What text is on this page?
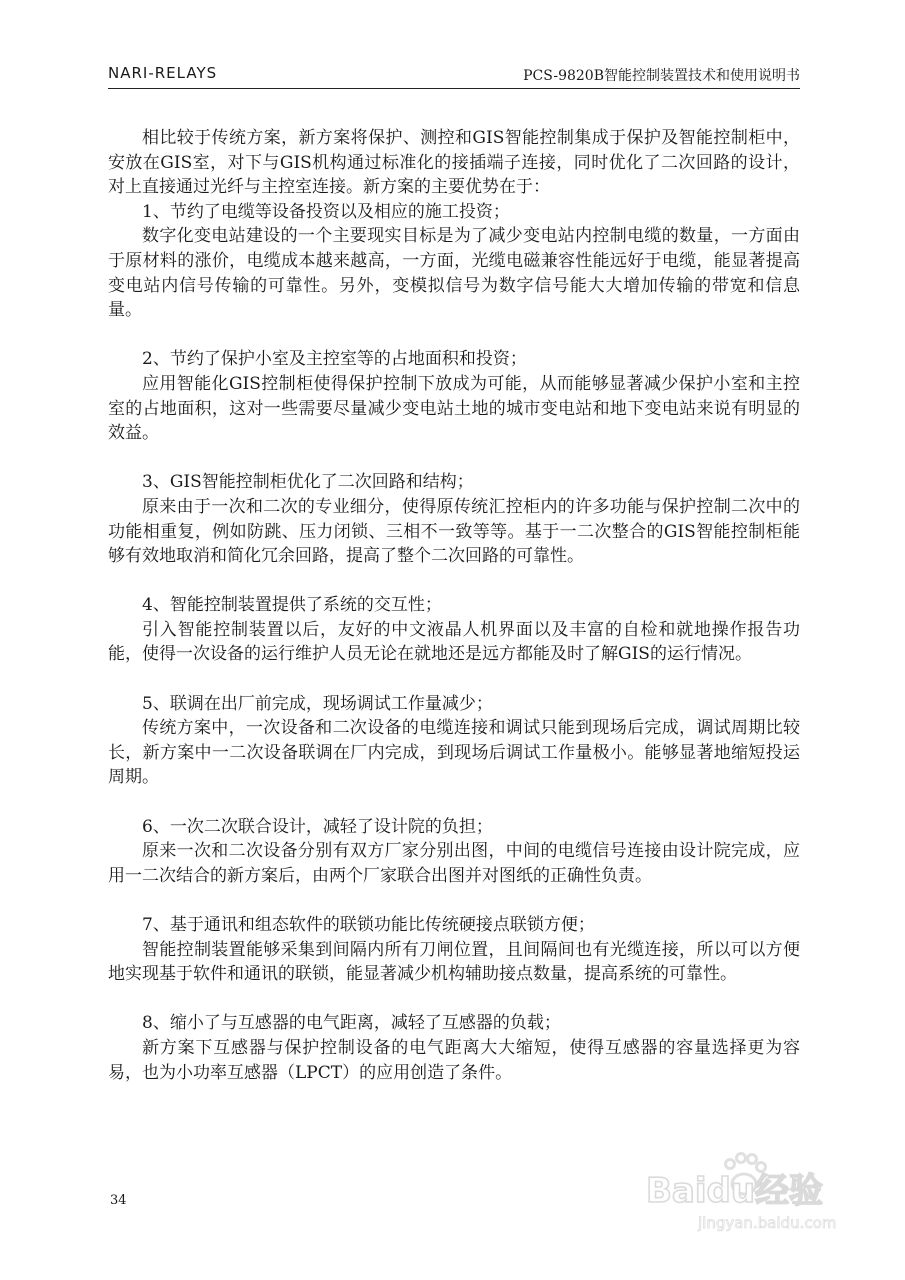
NARI-RELAYS	PCS-9820B智能控制装置技术和使用说明书

相比较于传统方案，新方案将保护、测控和GIS智能控制集成于保护及智能控制柜中，安放在GIS室，对下与GIS机构通过标准化的接插端子连接，同时优化了二次回路的设计，对上直接通过光纤与主控室连接。新方案的主要优势在于：

1、节约了电缆等设备投资以及相应的施工投资；

数字化变电站建设的一个主要现实目标是为了减少变电站内控制电缆的数量，一方面由于原材料的涨价，电缆成本越来越高，一方面，光缆电磁兼容性能远好于电缆，能显著提高变电站内信号传输的可靠性。另外，变模拟信号为数字信号能大大增加传输的带宽和信息量。

2、节约了保护小室及主控室等的占地面积和投资；

应用智能化GIS控制柜使得保护控制下放成为可能，从而能够显著减少保护小室和主控室的占地面积，这对一些需要尽量减少变电站土地的城市变电站和地下变电站来说有明显的效益。

3、GIS智能控制柜优化了二次回路和结构；

原来由于一次和二次的专业细分，使得原传统汇控柜内的许多功能与保护控制二次中的功能相重复，例如防跳、压力闭锁、三相不一致等等。基于一二次整合的GIS智能控制柜能够有效地取消和简化冗余回路，提高了整个二次回路的可靠性。

4、智能控制装置提供了系统的交互性；

引入智能控制装置以后，友好的中文液晶人机界面以及丰富的自检和就地操作报告功能，使得一次设备的运行维护人员无论在就地还是远方都能及时了解GIS的运行情况。

5、联调在出厂前完成，现场调试工作量减少；

传统方案中，一次设备和二次设备的电缆连接和调试只能到现场后完成，调试周期比较长，新方案中一二次设备联调在厂内完成，到现场后调试工作量极小。能够显著地缩短投运周期。

6、一次二次联合设计，减轻了设计院的负担；

原来一次和二次设备分别有双方厂家分别出图，中间的电缆信号连接由设计院完成，应用一二次结合的新方案后，由两个厂家联合出图并对图纸的正确性负责。

7、基于通讯和组态软件的联锁功能比传统硬接点联锁方便；

智能控制装置能够采集到间隔内所有刀闸位置，且间隔间也有光缆连接，所以可以方便地实现基于软件和通讯的联锁，能显著减少机构辅助接点数量，提高系统的可靠性。

8、缩小了与互感器的电气距离，减轻了互感器的负载；

新方案下互感器与保护控制设备的电气距离大大缩短，使得互感器的容量选择更为容易，也为小功率互感器（LPCT）的应用创造了条件。

34	Baidu经验
jingyan.baidu.com
